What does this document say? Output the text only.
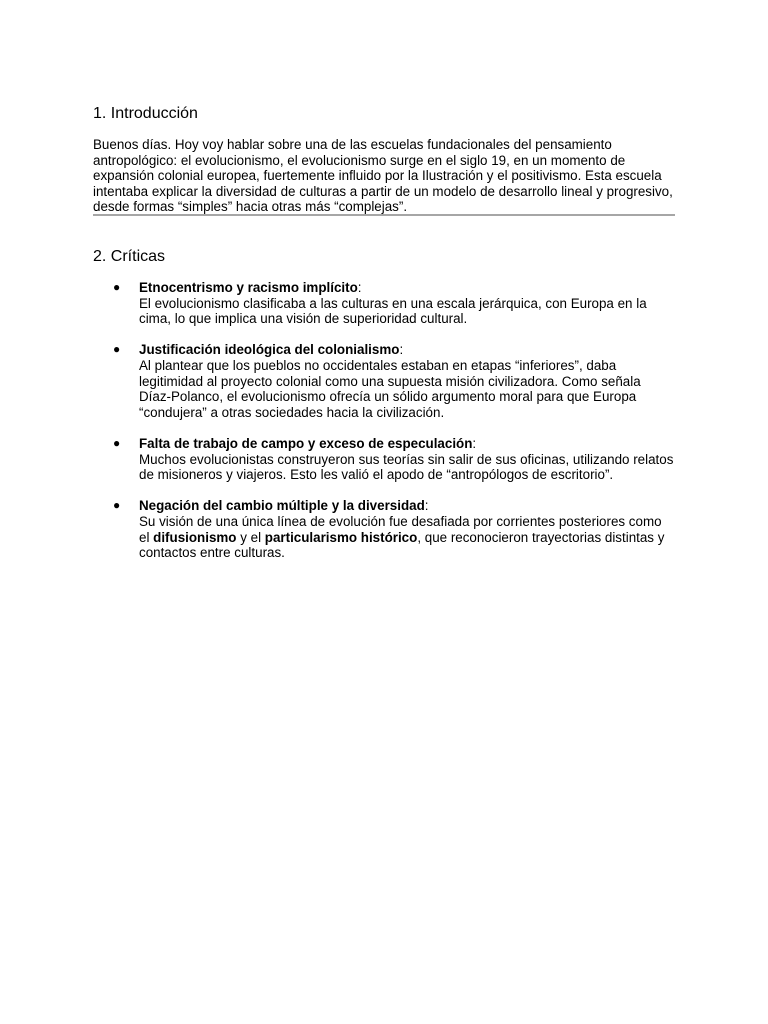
1. Introducción

Buenos días. Hoy voy hablar sobre una de las escuelas fundacionales del pensamiento antropológico: el evolucionismo, el evolucionismo surge en el siglo 19, en un momento de expansión colonial europea, fuertemente influido por la Ilustración y el positivismo. Esta escuela intentaba explicar la diversidad de culturas a partir de un modelo de desarrollo lineal y progresivo, desde formas “simples” hacia otras más “complejas”.

2. Críticas
● Etnocentrismo y racismo implícito:
El evolucionismo clasificaba a las culturas en una escala jerárquica, con Europa en la cima, lo que implica una visión de superioridad cultural.
● Justificación ideológica del colonialismo:
Al plantear que los pueblos no occidentales estaban en etapas “inferiores”, daba legitimidad al proyecto colonial como una supuesta misión civilizadora. Como señala Díaz-Polanco, el evolucionismo ofrecía un sólido argumento moral para que Europa “condujera” a otras sociedades hacia la civilización.
● Falta de trabajo de campo y exceso de especulación:
Muchos evolucionistas construyeron sus teorías sin salir de sus oficinas, utilizando relatos de misioneros y viajeros. Esto les valió el apodo de “antropólogos de escritorio”.
● Negación del cambio múltiple y la diversidad:
Su visión de una única línea de evolución fue desafiada por corrientes posteriores como el difusionismo y el particularismo histórico, que reconocieron trayectorias distintas y contactos entre culturas.
